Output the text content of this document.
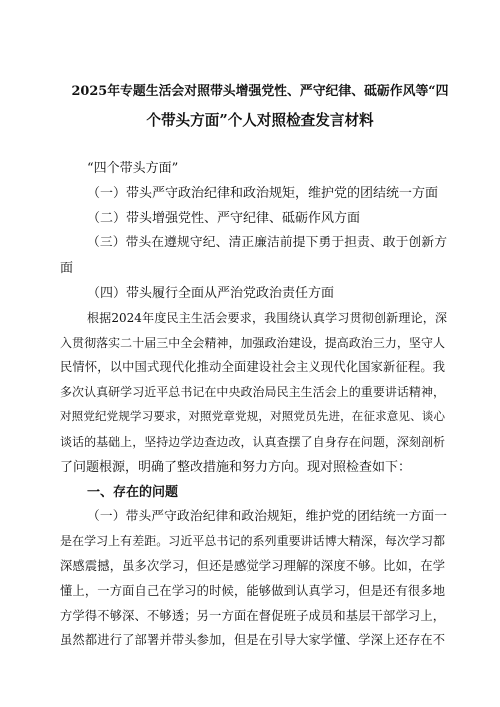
2025年专题生活会对照带头增强党性、严守纪律、砥砺作风等“四
个带头方面”个人对照检查发言材料
“四个带头方面”
（一）带头严守政治纪律和政治规矩，维护党的团结统一方面
（二）带头增强党性、严守纪律、砥砺作风方面
（三）带头在遵规守纪、清正廉洁前提下勇于担责、敢于创新方
面
（四）带头履行全面从严治党政治责任方面
根据2024年度民主生活会要求，我围绕认真学习贯彻创新理论，深
入贯彻落实二十届三中全会精神，加强政治建设，提高政治三力，坚守人
民情怀，以中国式现代化推动全面建设社会主义现代化国家新征程。我
多次认真研学习近平总书记在中央政治局民主生活会上的重要讲话精神，
对照党纪党规学习要求，对照党章党规，对照党员先进，在征求意见、谈心
谈话的基础上，坚持边学边查边改，认真查摆了自身存在问题，深刻剖析
了问题根源，明确了整改措施和努力方向。现对照检查如下：
一、存在的问题
（一）带头严守政治纪律和政治规矩，维护党的团结统一方面一
是在学习上有差距。习近平总书记的系列重要讲话博大精深，每次学习都
深感震撼，虽多次学习，但还是感觉学习理解的深度不够。比如，在学
懂上，一方面自己在学习的时候，能够做到认真学习，但是还有很多地
方学得不够深、不够透；另一方面在督促班子成员和基层干部学习上，
虽然都进行了部署并带头参加，但是在引导大家学懂、学深上还存在不
